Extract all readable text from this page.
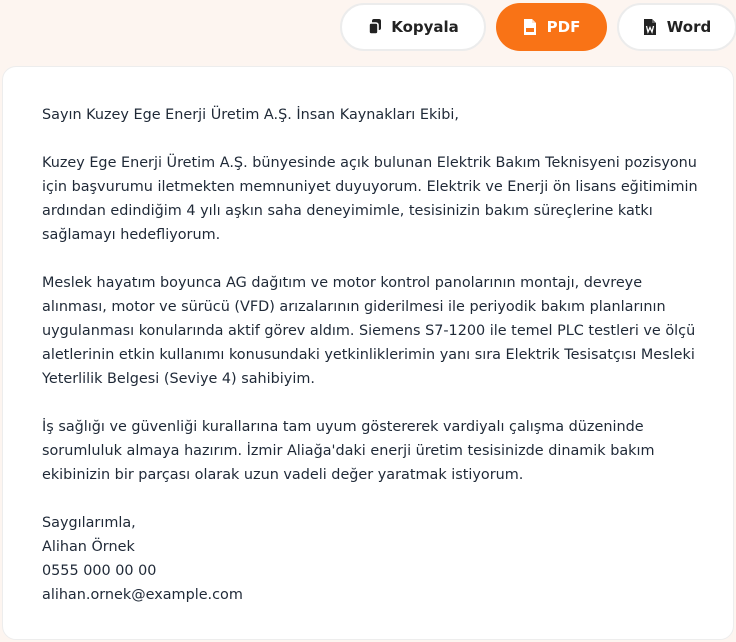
Kopyala	PDF	Word

Sayın Kuzey Ege Enerji Üretim A.Ş. İnsan Kaynakları Ekibi,

Kuzey Ege Enerji Üretim A.Ş. bünyesinde açık bulunan Elektrik Bakım Teknisyeni pozisyonu için başvurumu iletmekten memnuniyet duyuyorum. Elektrik ve Enerji ön lisans eğitimimin ardından edindiğim 4 yılı aşkın saha deneyimimle, tesisinizin bakım süreçlerine katkı sağlamayı hedefliyorum.

Meslek hayatım boyunca AG dağıtım ve motor kontrol panolarının montajı, devreye alınması, motor ve sürücü (VFD) arızalarının giderilmesi ile periyodik bakım planlarının uygulanması konularında aktif görev aldım. Siemens S7-1200 ile temel PLC testleri ve ölçü aletlerinin etkin kullanımı konusundaki yetkinliklerimin yanı sıra Elektrik Tesisatçısı Mesleki Yeterlilik Belgesi (Seviye 4) sahibiyim.

İş sağlığı ve güvenliği kurallarına tam uyum göstererek vardiyalı çalışma düzeninde sorumluluk almaya hazırım. İzmir Aliağa'daki enerji üretim tesisinizde dinamik bakım ekibinizin bir parçası olarak uzun vadeli değer yaratmak istiyorum.

Saygılarımla,

Alihan Örnek

0555 000 00 00

alihan.ornek@example.com
